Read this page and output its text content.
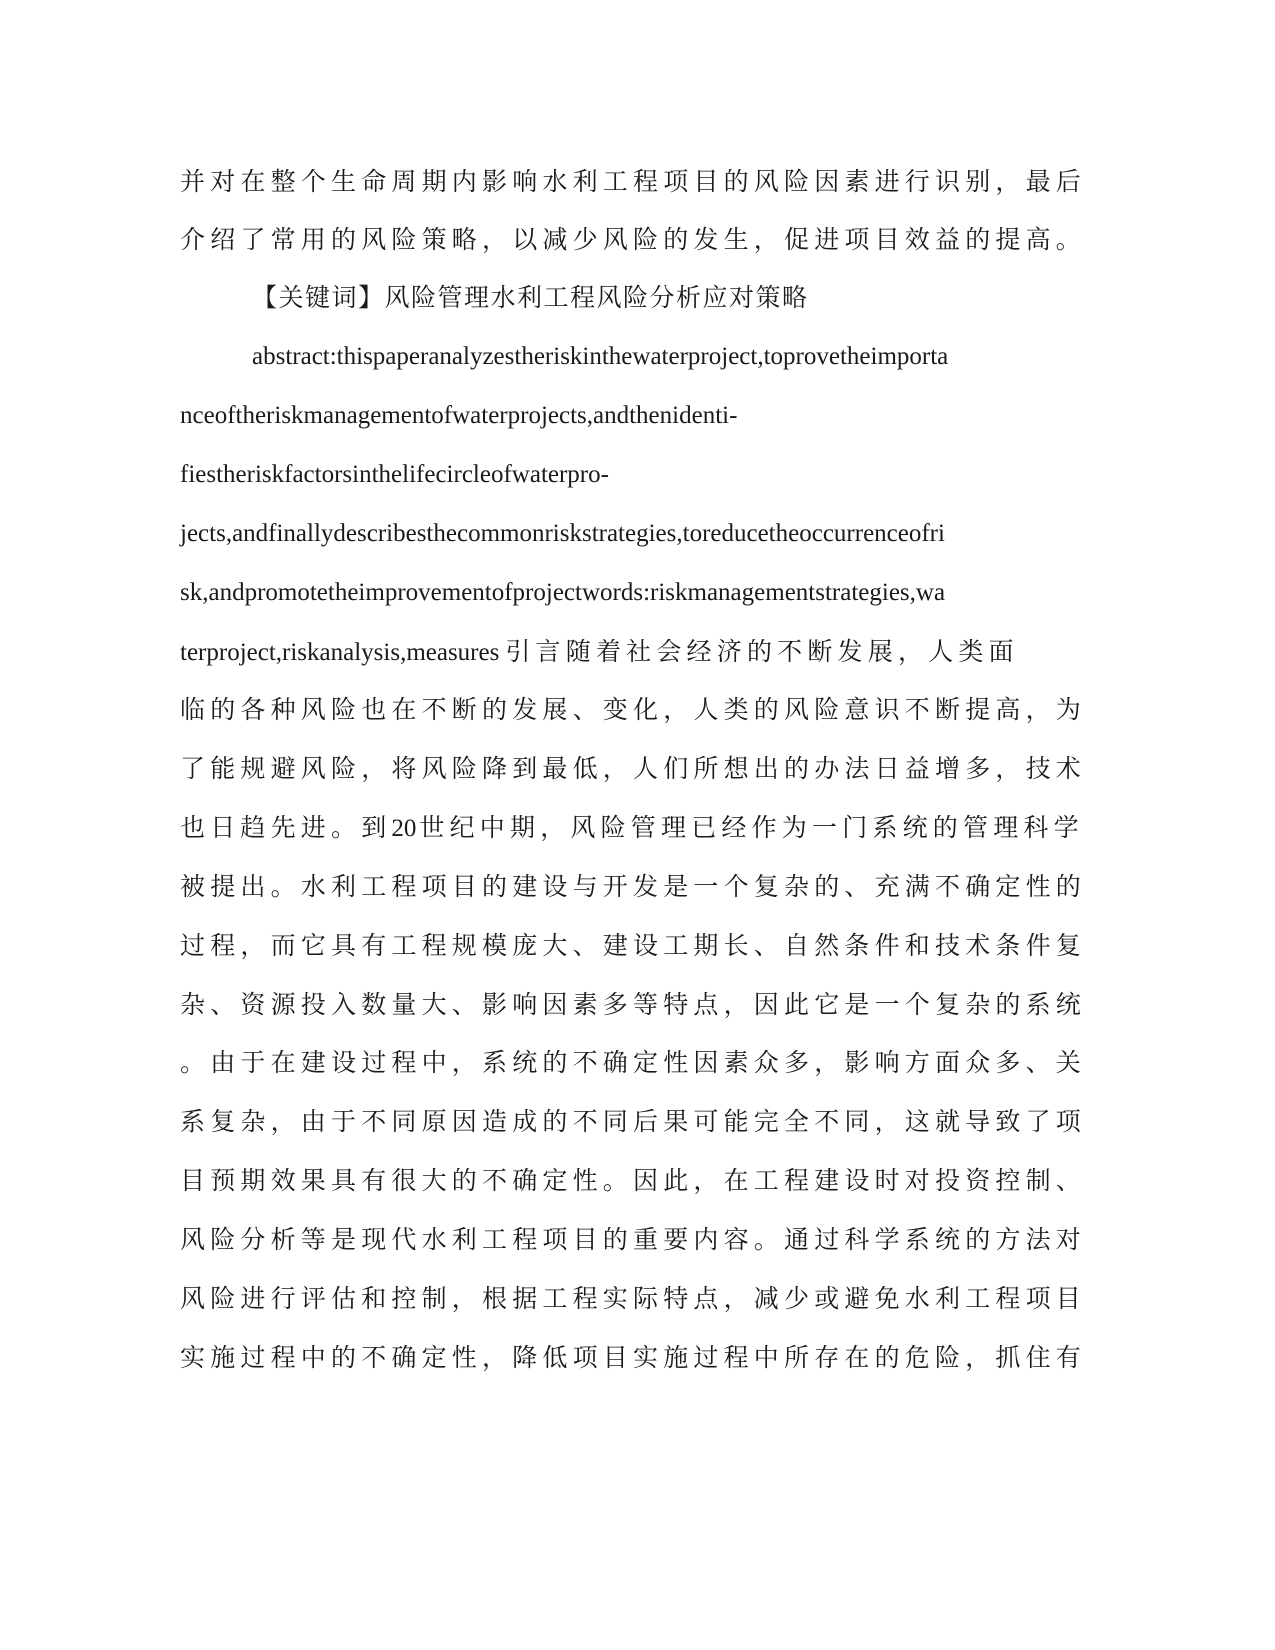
并对在整个生命周期内影响水利工程项目的风险因素进行识别，最后
介绍了常用的风险策略，以减少风险的发生，促进项目效益的提高。
【关键词】风险管理水利工程风险分析应对策略
abstract:thispaperanalyzestheriskinthewaterproject,toprovetheimporta
nceoftheriskmanagementofwaterprojects,andthenidenti-
fiestheriskfactorsinthelifecircleofwaterpro-
jects,andfinallydescribesthecommonriskstrategies,toreducetheoccurrenceofri
sk,andpromotetheimprovementofprojectwords:riskmanagementstrategies,wa
terproject,riskanalysis,measures 引言随着社会经济的不断发展，人类面
临的各种风险也在不断的发展、变化，人类的风险意识不断提高，为
了能规避风险，将风险降到最低，人们所想出的办法日益增多，技术
也日趋先进。到20 世纪中期，风险管理已经作为一门系统的管理科学
被提出。水利工程项目的建设与开发是一个复杂的、充满不确定性的
过程，而它具有工程规模庞大、建设工期长、自然条件和技术条件复
杂、资源投入数量大、影响因素多等特点，因此它是一个复杂的系统
。由于在建设过程中，系统的不确定性因素众多，影响方面众多、关
系复杂，由于不同原因造成的不同后果可能完全不同，这就导致了项
目预期效果具有很大的不确定性。因此，在工程建设时对投资控制、
风险分析等是现代水利工程项目的重要内容。通过科学系统的方法对
风险进行评估和控制，根据工程实际特点，减少或避免水利工程项目
实施过程中的不确定性，降低项目实施过程中所存在的危险，抓住有
